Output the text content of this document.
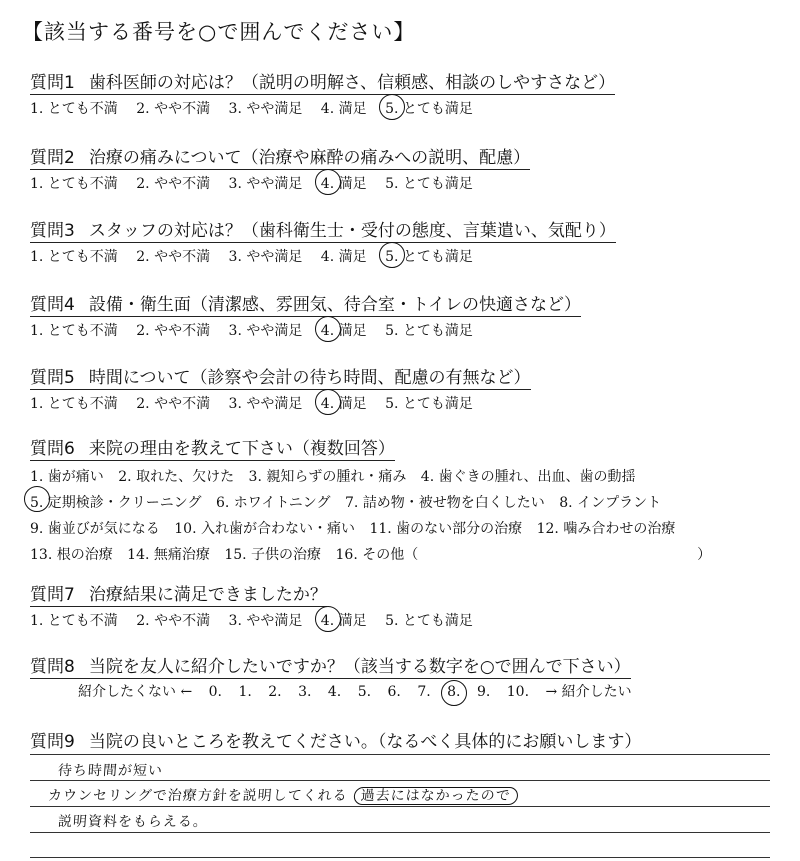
【該当する番号を○で囲んでください】
質問1 歯科医師の対応は？（説明の明解さ、信頼感、相談のしやすさなど）
1. とても不満 2. やや不満 3. やや満足 4. 満足 5. とても満足
質問2 治療の痛みについて（治療や麻酔の痛みへの説明、配慮）
1. とても不満 2. やや不満 3. やや満足 4. 満足 5. とても満足
質問3 スタッフの対応は？（歯科衛生士・受付の態度、言葉遣い、気配り）
1. とても不満 2. やや不満 3. やや満足 4. 満足 5. とても満足
質問4 設備・衛生面（清潔感、雰囲気、待合室・トイレの快適さなど）
1. とても不満 2. やや不満 3. やや満足 4. 満足 5. とても満足
質問5 時間について（診察や会計の待ち時間、配慮の有無など）
1. とても不満 2. やや不満 3. やや満足 4. 満足 5. とても満足
質問6 来院の理由を教えて下さい（複数回答）
1. 歯が痛い 2. 取れた、欠けた 3. 親知らずの腫れ・痛み 4. 歯ぐきの腫れ、出血、歯の動揺
5. 定期検診・クリーニング 6. ホワイトニング 7. 詰め物・被せ物を白くしたい 8. インプラント
9. 歯並びが気になる 10. 入れ歯が合わない・痛い 11. 歯のない部分の治療 12. 噛み合わせの治療
13. 根の治療 14. 無痛治療 15. 子供の治療 16. その他（	）
質問7 治療結果に満足できましたか？
1. とても不満 2. やや不満 3. やや満足 4. 満足 5. とても満足
質問8 当院を友人に紹介したいですか？（該当する数字を○で囲んで下さい）
紹介したくない ← 0. 1. 2. 3. 4. 5. 6. 7. 8. 9. 10. → 紹介したい
質問9 当院の良いところを教えてください。（なるべく具体的にお願いします）
待ち時間が短い
カウンセリングで治療方針を説明してくれる 過去にはなかったので
説明資料をもらえる。
